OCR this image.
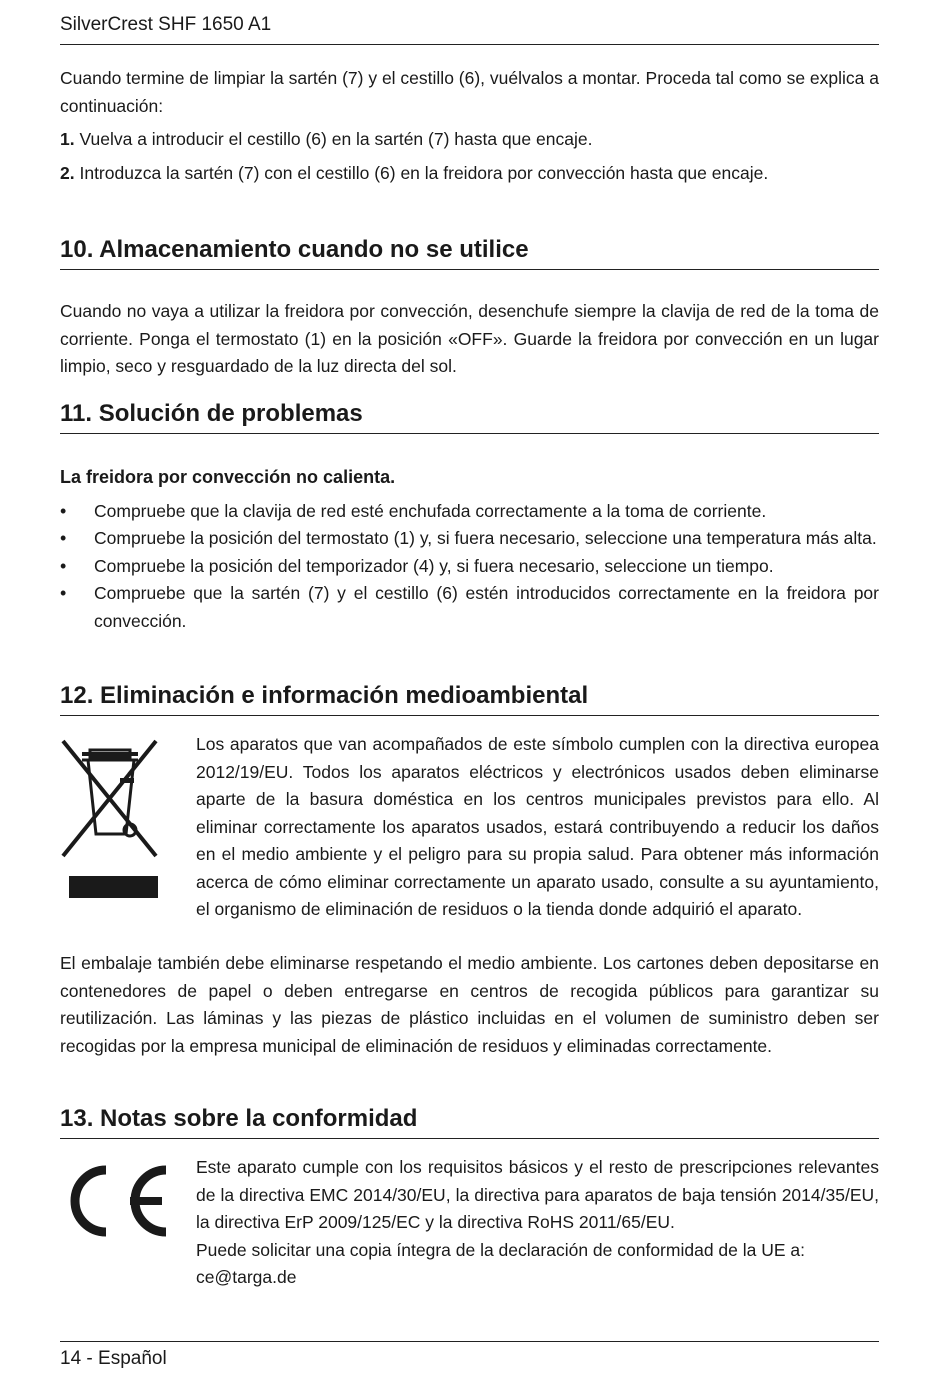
SilverCrest SHF 1650 A1

Cuando termine de limpiar la sartén (7) y el cestillo (6), vuélvalos a montar. Proceda tal como se explica a continuación:

1. Vuelva a introducir el cestillo (6) en la sartén (7) hasta que encaje.

2. Introduzca la sartén (7) con el cestillo (6) en la freidora por convección hasta que encaje.

10. Almacenamiento cuando no se utilice

Cuando no vaya a utilizar la freidora por convección, desenchufe siempre la clavija de red de la toma de corriente. Ponga el termostato (1) en la posición «OFF». Guarde la freidora por convección en un lugar limpio, seco y resguardado de la luz directa del sol.

11. Solución de problemas

La freidora por convección no calienta.

• Compruebe que la clavija de red esté enchufada correctamente a la toma de corriente.
• Compruebe la posición del termostato (1) y, si fuera necesario, seleccione una temperatura más alta.
• Compruebe la posición del temporizador (4) y, si fuera necesario, seleccione un tiempo.
• Compruebe que la sartén (7) y el cestillo (6) estén introducidos correctamente en la freidora por convección.
12. Eliminación e información medioambiental

Los aparatos que van acompañados de este símbolo cumplen con la directiva europea 2012/19/EU. Todos los aparatos eléctricos y electrónicos usados deben eliminarse aparte de la basura doméstica en los centros municipales previstos para ello. Al eliminar correctamente los aparatos usados, estará contribuyendo a reducir los daños en el medio ambiente y el peligro para su propia salud. Para obtener más información acerca de cómo eliminar correctamente un aparato usado, consulte a su ayuntamiento, el organismo de eliminación de residuos o la tienda donde adquirió el aparato.

El embalaje también debe eliminarse respetando el medio ambiente. Los cartones deben depositarse en contenedores de papel o deben entregarse en centros de recogida públicos para garantizar su reutilización. Las láminas y las piezas de plástico incluidas en el volumen de suministro deben ser recogidas por la empresa municipal de eliminación de residuos y eliminadas correctamente.

13. Notas sobre la conformidad

Este aparato cumple con los requisitos básicos y el resto de prescripciones relevantes de la directiva EMC 2014/30/EU, la directiva para aparatos de baja tensión 2014/35/EU, la directiva ErP 2009/125/EC y la directiva RoHS 2011/65/EU.

Puede solicitar una copia íntegra de la declaración de conformidad de la UE a:

ce@targa.de

14 - Español
